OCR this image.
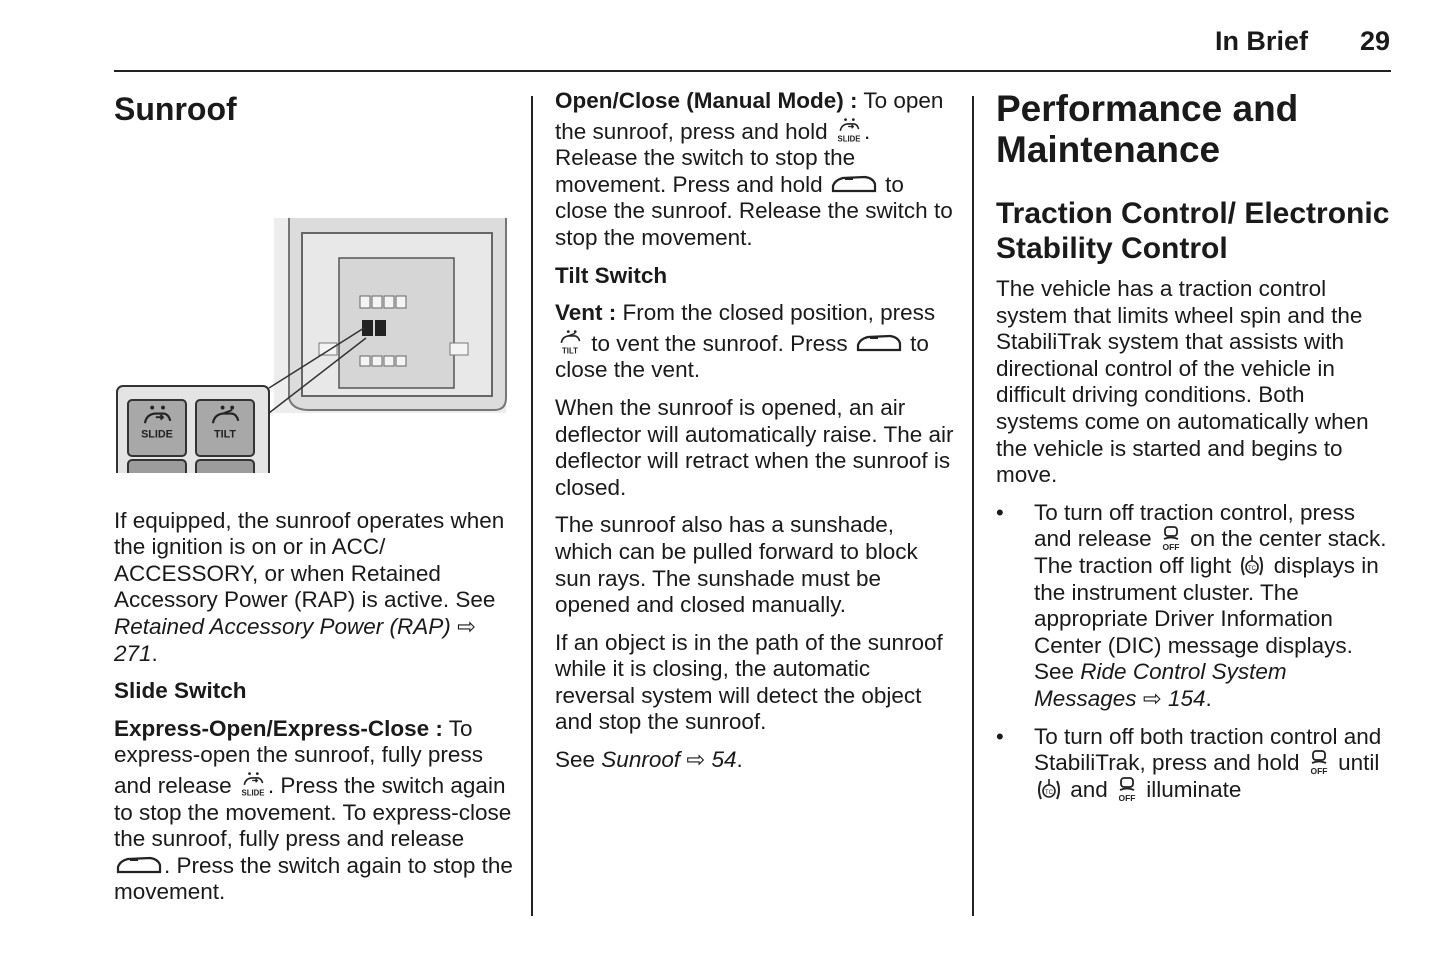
In Brief 29
Sunroof

If equipped, the sunroof operates when the ignition is on or in ACC/ ACCESSORY, or when Retained Accessory Power (RAP) is active. See Retained Accessory Power (RAP) ⇨ 271.

Slide Switch

Express-Open/Express-Close : To express-open the sunroof, fully press and release . Press the switch again to stop the movement. To express-close the sunroof, fully press and release . Press the switch again to stop the movement.

Open/Close (Manual Mode) : To open the sunroof, press and hold . Release the switch to stop the movement. Press and hold  to close the sunroof. Release the switch to stop the movement.

Tilt Switch

Vent : From the closed position, press  to vent the sunroof. Press  to close the vent.

When the sunroof is opened, an air deflector will automatically raise. The air deflector will retract when the sunroof is closed.

The sunroof also has a sunshade, which can be pulled forward to block sun rays. The sunshade must be opened and closed manually.

If an object is in the path of the sunroof while it is closing, the automatic reversal system will detect the object and stop the sunroof.

See Sunroof ⇨ 54.

Performance and Maintenance
Traction Control/ Electronic Stability Control

The vehicle has a traction control system that limits wheel spin and the StabiliTrak system that assists with directional control of the vehicle in difficult driving conditions. Both systems come on automatically when the vehicle is started and begins to move.

• To turn off traction control, press and release  on the center stack. The traction off light  displays in the instrument cluster. The appropriate Driver Information Center (DIC) message displays. See Ride Control System Messages ⇨ 154.
• To turn off both traction control and StabiliTrak, press and hold  until  and  illuminate
